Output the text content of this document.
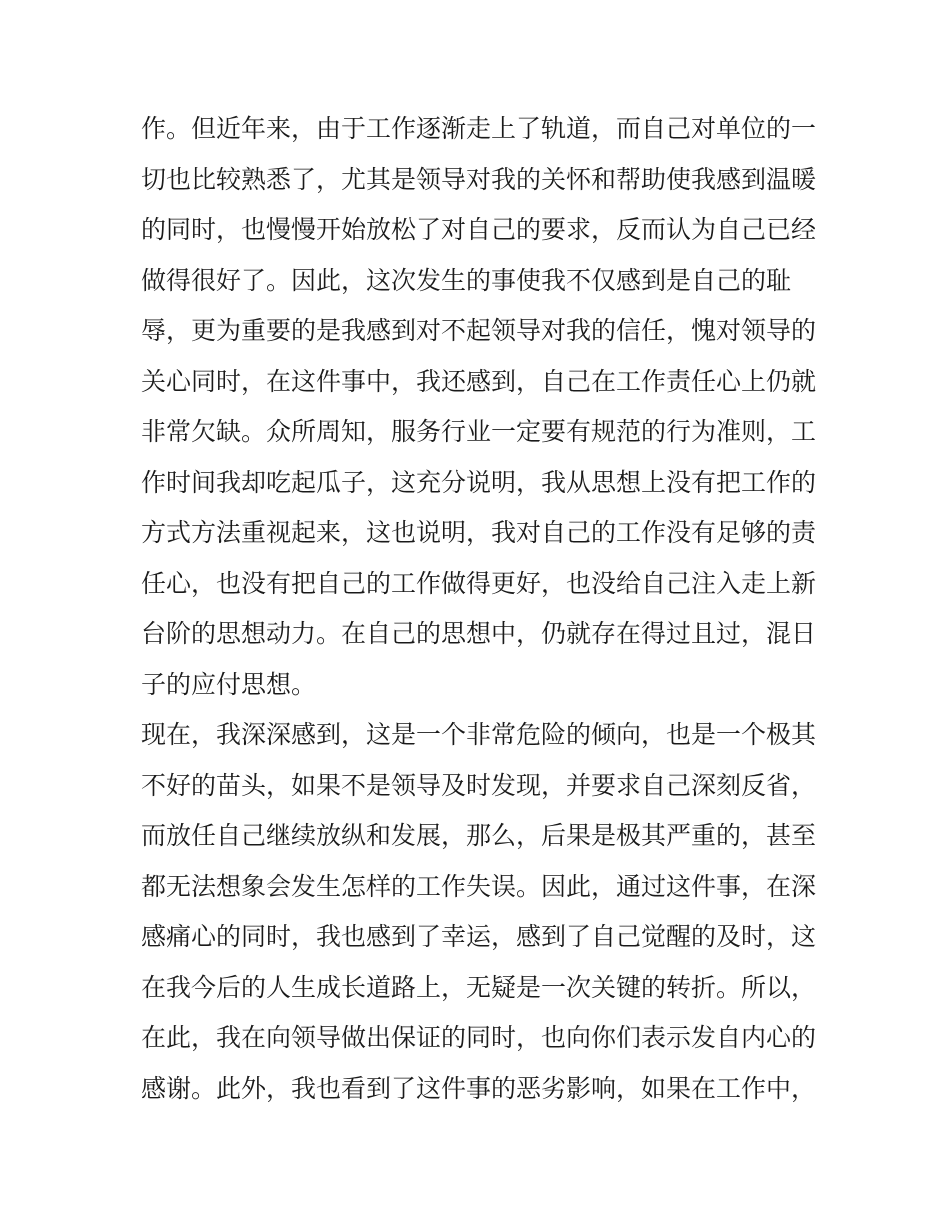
作。但近年来，由于工作逐渐走上了轨道，而自己对单位的一
切也比较熟悉了，尤其是领导对我的关怀和帮助使我感到温暖
的同时，也慢慢开始放松了对自己的要求，反而认为自己已经
做得很好了。因此，这次发生的事使我不仅感到是自己的耻
辱，更为重要的是我感到对不起领导对我的信任，愧对领导的
关心同时，在这件事中，我还感到，自己在工作责任心上仍就
非常欠缺。众所周知，服务行业一定要有规范的行为准则，工
作时间我却吃起瓜子，这充分说明，我从思想上没有把工作的
方式方法重视起来，这也说明，我对自己的工作没有足够的责
任心，也没有把自己的工作做得更好，也没给自己注入走上新
台阶的思想动力。在自己的思想中，仍就存在得过且过，混日
子的应付思想。
现在，我深深感到，这是一个非常危险的倾向，也是一个极其
不好的苗头，如果不是领导及时发现，并要求自己深刻反省，
而放任自己继续放纵和发展，那么，后果是极其严重的，甚至
都无法想象会发生怎样的工作失误。因此，通过这件事，在深
感痛心的同时，我也感到了幸运，感到了自己觉醒的及时，这
在我今后的人生成长道路上，无疑是一次关键的转折。所以，
在此，我在向领导做出保证的同时，也向你们表示发自内心的
感谢。此外，我也看到了这件事的恶劣影响，如果在工作中，
